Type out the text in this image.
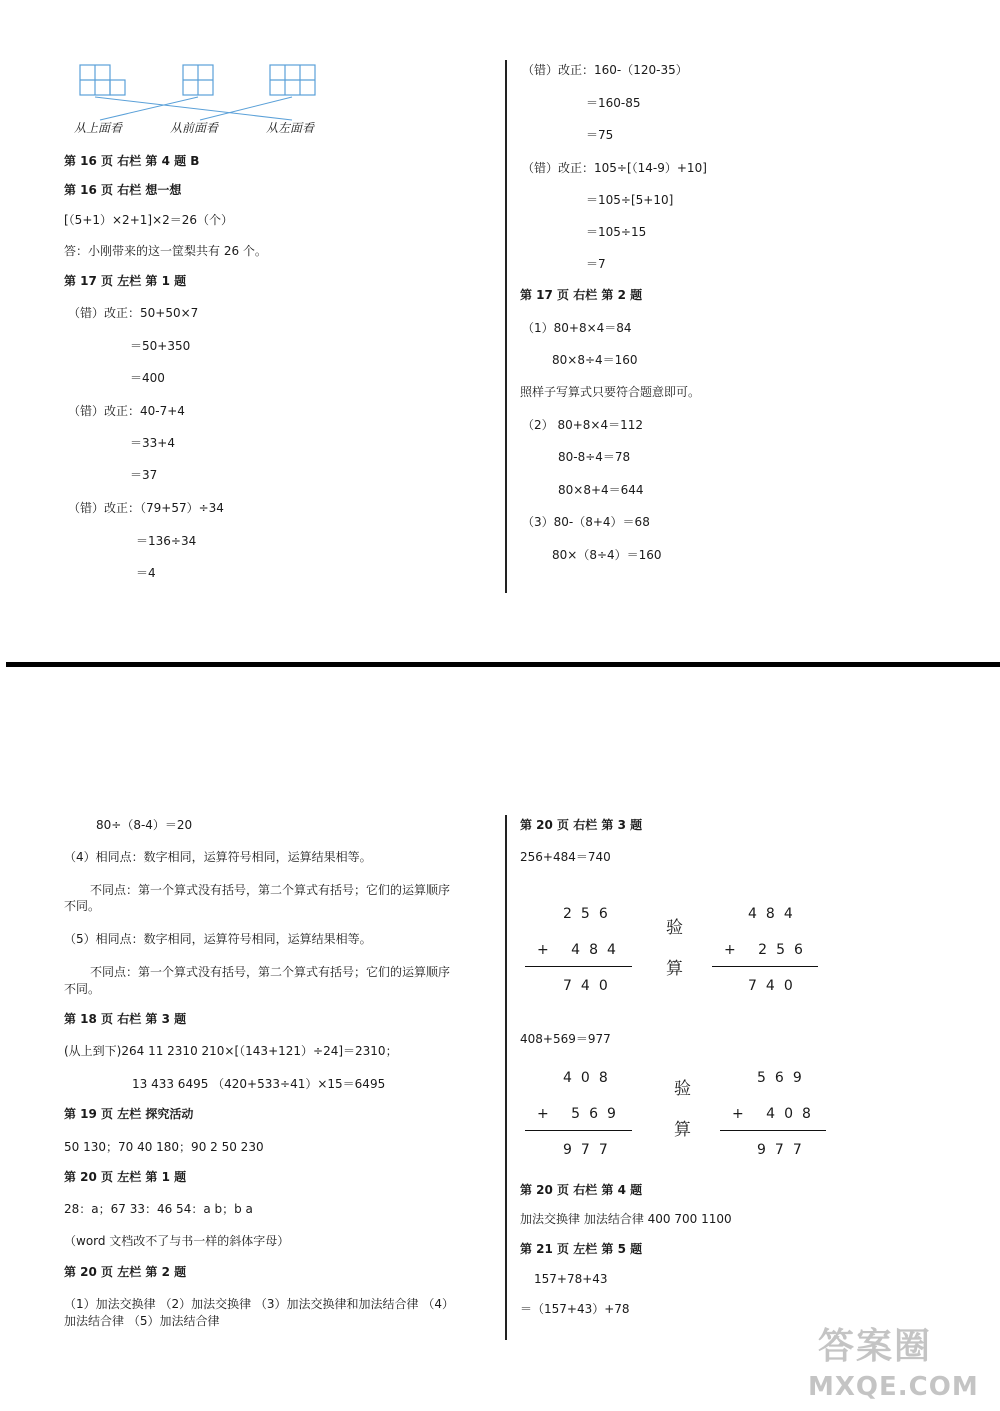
从上面看	从前面看	从左面看
第 16 页 右栏 第 4 题 B
第 16 页 右栏 想一想
[（5+1）×2+1]×2＝26（个）
答：小刚带来的这一筐梨共有 26 个。
第 17 页 左栏 第 1 题
（错）改正：50+50×7
＝50+350
＝400
（错）改正：40-7+4
＝33+4
＝37
（错）改正：（79+57）÷34
＝136÷34
＝4
（错）改正：160-（120-35）
＝160-85
＝75
（错）改正：105÷[（14-9）+10]
＝105÷[5+10]
＝105÷15
＝7
第 17 页 右栏 第 2 题
（1）80+8×4＝84
80×8÷4＝160
照样子写算式只要符合题意即可。
（2） 80+8×4＝112
80-8÷4＝78
80×8+4＝644
（3）80-（8+4）＝68
80×（8÷4）＝160
80÷（8-4）＝20
（4）相同点：数字相同，运算符号相同，运算结果相等。
不同点：第一个算式没有括号，第二个算式有括号；它们的运算顺序
不同。
（5）相同点：数字相同，运算符号相同，运算结果相等。
不同点：第一个算式没有括号，第二个算式有括号；它们的运算顺序
不同。
第 18 页 右栏 第 3 题
(从上到下)264 11 2310 210×[（143+121）÷24]＝2310；
13 433 6495 （420+533÷41）×15＝6495
第 19 页 左栏 探究活动
50 130；70 40 180；90 2 50 230
第 20 页 左栏 第 1 题
28：a；67 33：46 54：a b；b a
（word 文档改不了与书一样的斜体字母）
第 20 页 左栏 第 2 题
（1）加法交换律 （2）加法交换律 （3）加法交换律和加法结合律 （4）
加法结合律 （5）加法结合律
第 20 页 右栏 第 3 题
256+484＝740
256
+ 484
740
验
算
484
+ 256
740
408+569＝977
408
+ 569
977
验
算
569
+ 408
977
第 20 页 右栏 第 4 题
加法交换律 加法结合律 400 700 1100
第 21 页 左栏 第 5 题
157+78+43
＝（157+43）+78
答案圈
MXQE.COM
